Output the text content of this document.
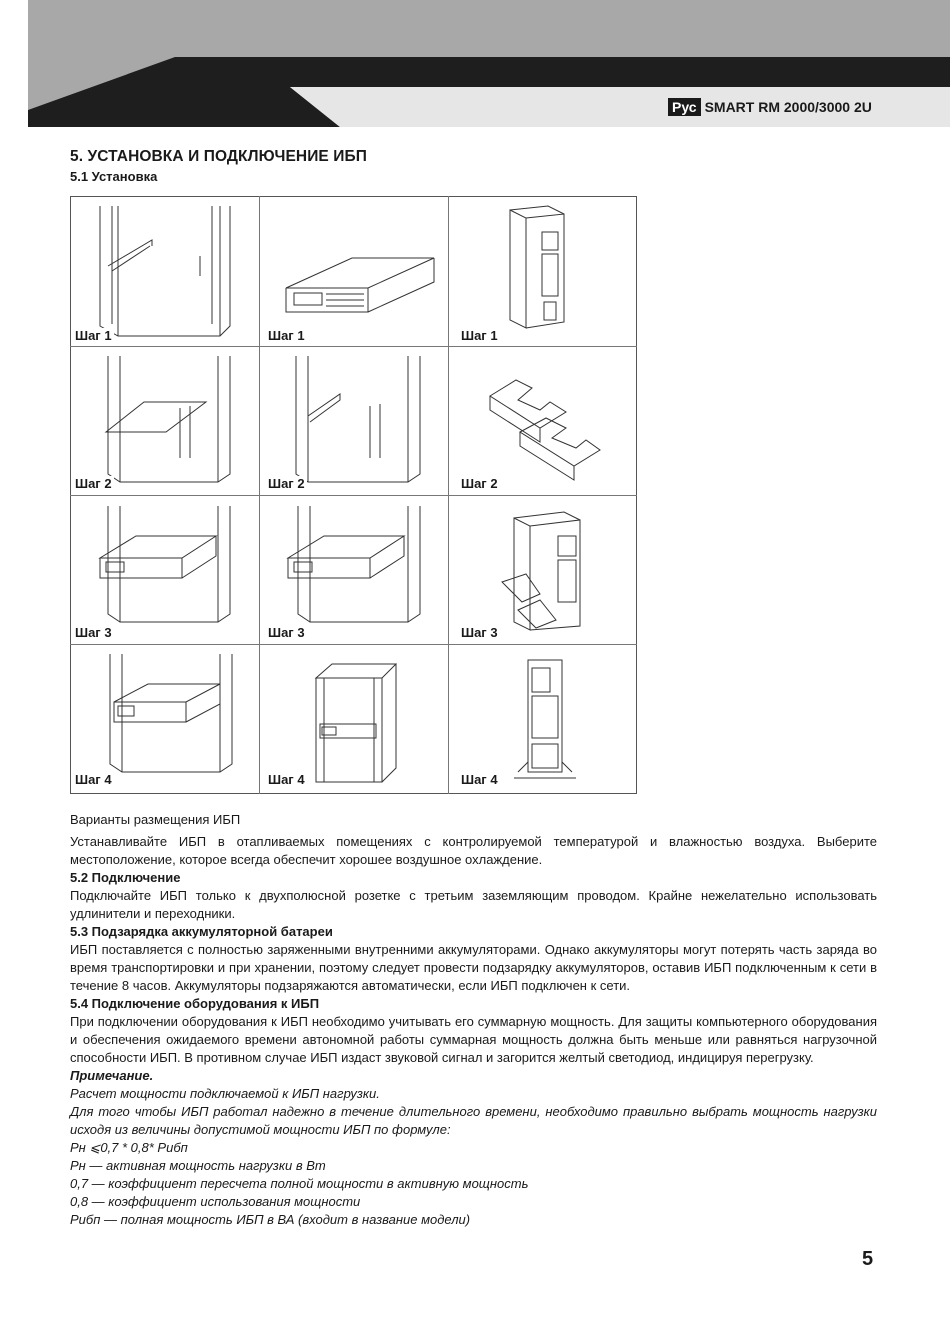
Рус SMART RM 2000/3000 2U
5. УСТАНОВКА И ПОДКЛЮЧЕНИЕ ИБП
5.1 Установка
Шаг 1	Шаг 1	Шаг 1
Шаг 2	Шаг 2	Шаг 2
Шаг 3	Шаг 3	Шаг 3
Шаг 4	Шаг 4	Шаг 4
Варианты размещения ИБП

Устанавливайте ИБП в отапливаемых помещениях с контролируемой температурой и влажностью воздуха. Выберите местоположение, которое всегда обеспечит хорошее воздушное охлаждение.

5.2 Подключение

Подключайте ИБП только к двухполюсной розетке с третьим заземляющим проводом. Крайне нежелательно использовать удлинители и переходники.

5.3 Подзарядка аккумуляторной батареи

ИБП поставляется с полностью заряженными внутренними аккумуляторами. Однако аккумуляторы могут потерять часть заряда во время транспортировки и при хранении, поэтому следует провести подзарядку аккумуляторов, оставив ИБП подключенным к сети в течение 8 часов. Аккумуляторы подзаряжаются автоматически, если ИБП подключен к сети.

5.4 Подключение оборудования к ИБП

При подключении оборудования к ИБП необходимо учитывать его суммарную мощность. Для защиты компьютерного оборудования и обеспечения ожидаемого времени автономной работы суммарная мощность должна быть меньше или равняться нагрузочной способности ИБП. В противном случае ИБП издаст звуковой сигнал и загорится желтый светодиод, индицируя перегрузку.

Примечание.

Расчет мощности подключаемой к ИБП нагрузки.

Для того чтобы ИБП работал надежно в течение длительного времени, необходимо правильно выбрать мощность нагрузки исходя из величины допустимой мощности ИБП по формуле:

Рн ⩽0,7 * 0,8* Рибп

Рн — активная мощность нагрузки в Вт

0,7 — коэффициент пересчета полной мощности в активную мощность

0,8 — коэффициент использования мощности

Рибп — полная мощность ИБП в ВА (входит в название модели)

5
